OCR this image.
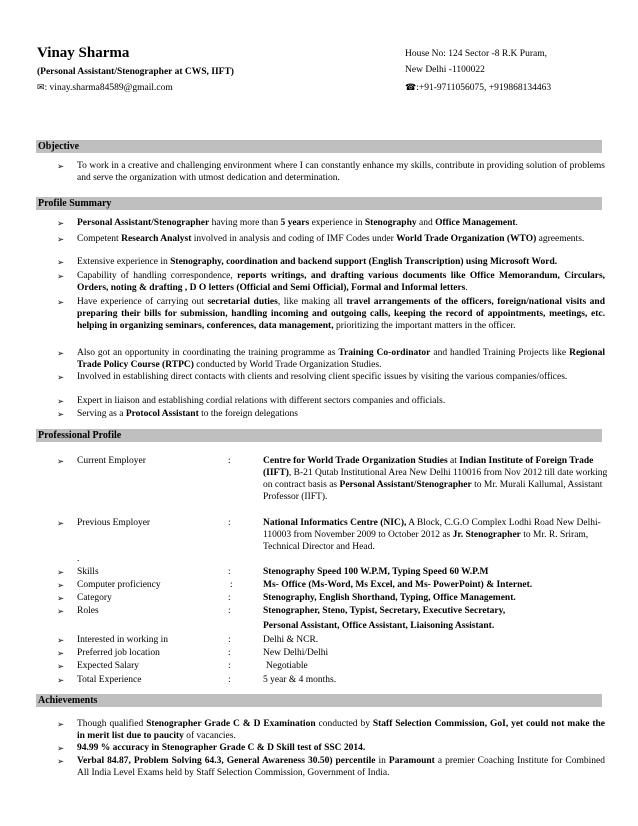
Vinay Sharma
(Personal Assistant/Stenographer at CWS, IIFT)
✉: vinay.sharma84589@gmail.com
House No: 124 Sector -8 R.K Puram,
New Delhi -1100022
☎:+91-9711056075, +919868134463
Objective
➢ To work in a creative and challenging environment where I can constantly enhance my skills, contribute in providing solution of problems and serve the organization with utmost dedication and determination.
Profile Summary
➢ Personal Assistant/Stenographer having more than 5 years experience in Stenography and Office Management.
➢ Competent Research Analyst involved in analysis and coding of IMF Codes under World Trade Organization (WTO) agreements.
➢ Extensive experience in Stenography, coordination and backend support (English Transcription) using Microsoft Word.
➢ Capability of handling correspondence, reports writings, and drafting various documents like Office Memorandum, Circulars, Orders, noting & drafting , D O letters (Official and Semi Official), Formal and Informal letters.
➢ Have experience of carrying out secretarial duties, like making all travel arrangements of the officers, foreign/national visits and preparing their bills for submission, handling incoming and outgoing calls, keeping the record of appointments, meetings, etc. helping in organizing seminars, conferences, data management, prioritizing the important matters in the officer.
➢ Also got an opportunity in coordinating the training programme as Training Co-ordinator and handled Training Projects like Regional Trade Policy Course (RTPC) conducted by World Trade Organization Studies.
➢ Involved in establishing direct contacts with clients and resolving client specific issues by visiting the various companies/offices.
➢ Expert in liaison and establishing cordial relations with different sectors companies and officials.
➢ Serving as a Protocol Assistant to the foreign delegations
Professional Profile
➢ Current Employer	:	Centre for World Trade Organization Studies at Indian Institute of Foreign Trade (IIFT), B-21 Qutab Institutional Area New Delhi 110016 from Nov 2012 till date working on contract basis as Personal Assistant/Stenographer to Mr. Murali Kallumal, Assistant Professor (IIFT).
➢ Previous Employer	:	National Informatics Centre (NIC), A Block, C.G.O Complex Lodhi Road New Delhi-110003 from November 2009 to October 2012 as Jr. Stenographer to Mr. R. Sriram, Technical Director and Head.
.
➢ Skills	:	Stenography Speed 100 W.P.M, Typing Speed 60 W.P.M
➢ Computer proficiency	:	Ms- Office (Ms-Word, Ms Excel, and Ms- PowerPoint) & Internet.
➢ Category	:	Stenography, English Shorthand, Typing, Office Management.
➢ Roles	:	Stenographer, Steno, Typist, Secretary, Executive Secretary,
Personal Assistant, Office Assistant, Liaisoning Assistant.
➢ Interested in working in	:	Delhi & NCR.
➢ Preferred job location	:	New Delhi/Delhi
➢ Expected Salary	:	Negotiable
➢ Total Experience	:	5 year & 4 months.
Achievements
➢ Though qualified Stenographer Grade C & D Examination conducted by Staff Selection Commission, GoI, yet could not make the in merit list due to paucity of vacancies.
➢ 94.99 % accuracy in Stenographer Grade C & D Skill test of SSC 2014.
➢ Verbal 84.87, Problem Solving 64.3, General Awareness 30.50) percentile in Paramount a premier Coaching Institute for Combined All India Level Exams held by Staff Selection Commission, Government of India.
